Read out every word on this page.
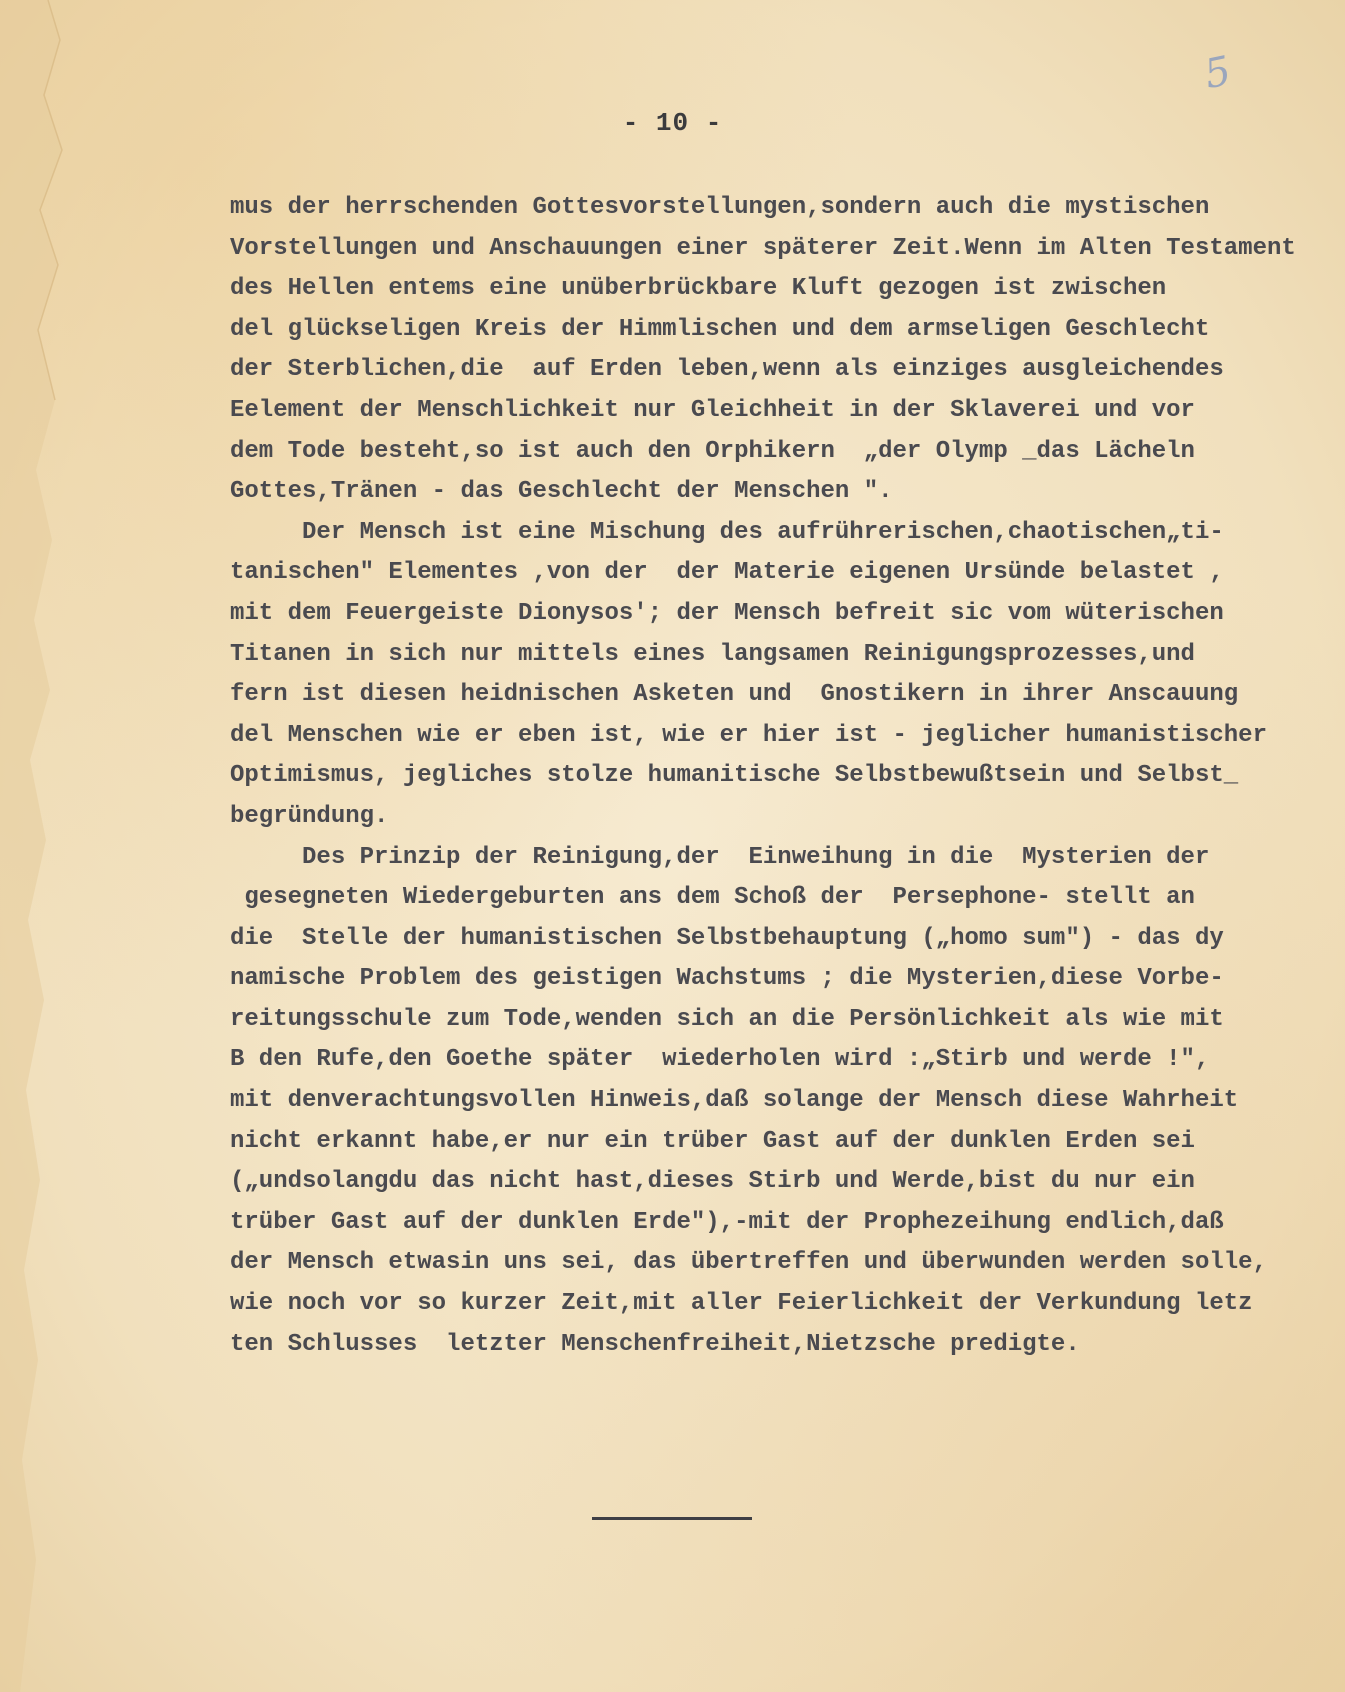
5
- 10 -
mus der herrschenden Gottesvorstellungen,sondern auch die mystischen
Vorstellungen und Anschauungen einer späterer Zeit.Wenn im Alten Testament
des Hellen entems eine unüberbrückbare Kluft gezogen ist zwischen
del glückseligen Kreis der Himmlischen und dem armseligen Geschlecht
der Sterblichen,die  auf Erden leben,wenn als einziges ausgleichendes
Eelement der Menschlichkeit nur Gleichheit in der Sklaverei und vor
dem Tode besteht,so ist auch den Orphikern  „der Olymp _das Lächeln
Gottes,Tränen - das Geschlecht der Menschen ".
Der Mensch ist eine Mischung des aufrührerischen,chaotischen„ti-
tanischen" Elementes ,von der  der Materie eigenen Ursünde belastet ,
mit dem Feuergeiste Dionysos'; der Mensch befreit sic vom wüterischen
Titanen in sich nur mittels eines langsamen Reinigungsprozesses,und
fern ist diesen heidnischen Asketen und  Gnostikern in ihrer Anscauung
del Menschen wie er eben ist, wie er hier ist - jeglicher humanistischer
Optimismus, jegliches stolze humanitische Selbstbewußtsein und Selbst_
begründung.
Des Prinzip der Reinigung,der  Einweihung in die  Mysterien der
gesegneten Wiedergeburten ans dem Schoß der  Persephone- stellt an
die  Stelle der humanistischen Selbstbehauptung („homo sum") - das dy
namische Problem des geistigen Wachstums ; die Mysterien,diese Vorbe-
reitungsschule zum Tode,wenden sich an die Persönlichkeit als wie mit
B den Rufe,den Goethe später  wiederholen wird :„Stirb und werde !",
mit denverachtungsvollen Hinweis,daß solange der Mensch diese Wahrheit
nicht erkannt habe,er nur ein trüber Gast auf der dunklen Erden sei
(„undsolangdu das nicht hast,dieses Stirb und Werde,bist du nur ein
trüber Gast auf der dunklen Erde"),-mit der Prophezeihung endlich,daß
der Mensch etwasin uns sei, das übertreffen und überwunden werden solle,
wie noch vor so kurzer Zeit,mit aller Feierlichkeit der Verkundung letz
ten Schlusses  letzter Menschenfreiheit,Nietzsche predigte.
